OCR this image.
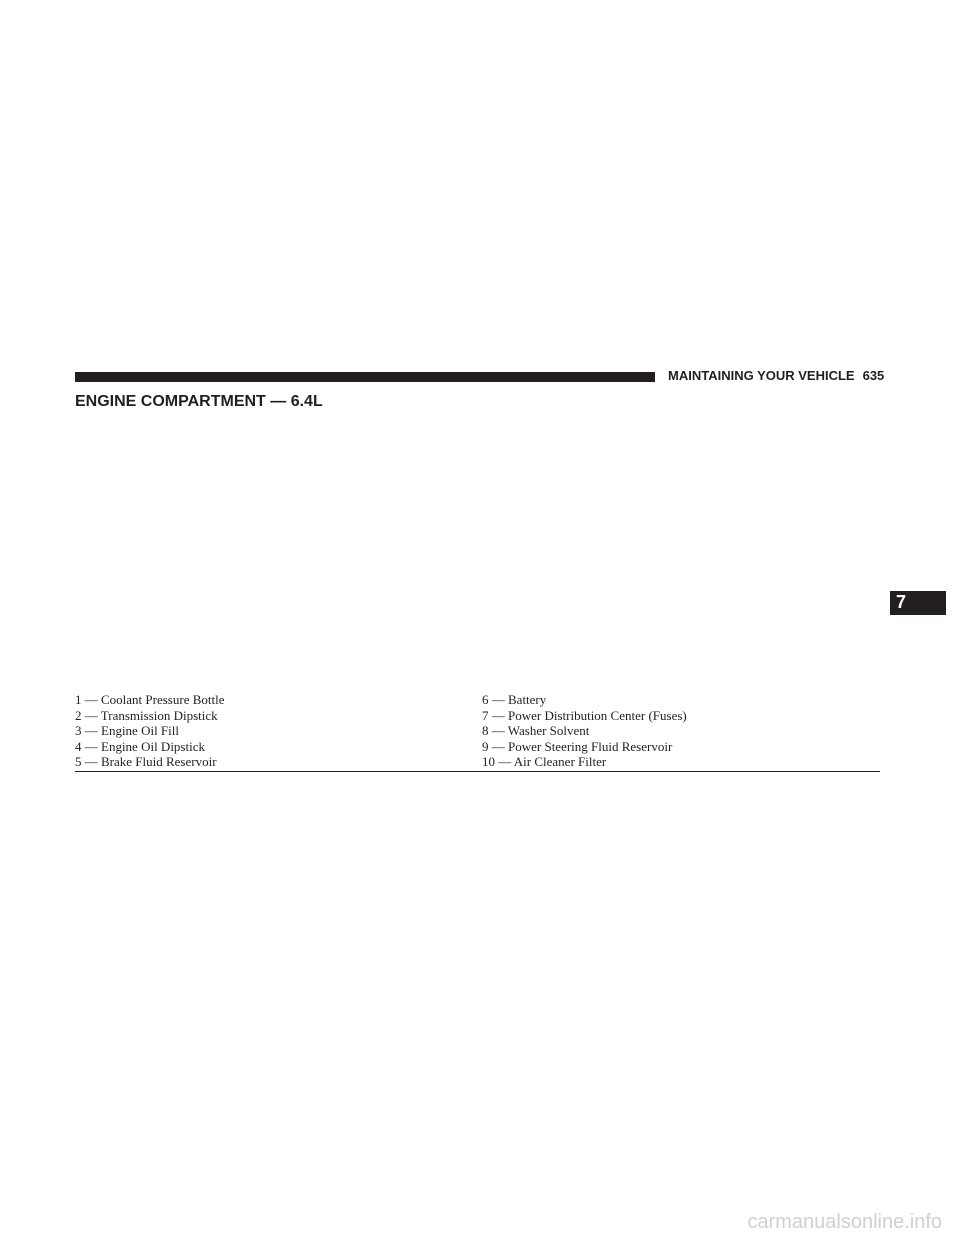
MAINTAINING YOUR VEHICLE 635
ENGINE COMPARTMENT — 6.4L
7
1 — Coolant Pressure Bottle	6 — Battery
2 — Transmission Dipstick	7 — Power Distribution Center (Fuses)
3 — Engine Oil Fill	8 — Washer Solvent
4 — Engine Oil Dipstick	9 — Power Steering Fluid Reservoir
5 — Brake Fluid Reservoir	10 — Air Cleaner Filter
carmanualsonline.info
